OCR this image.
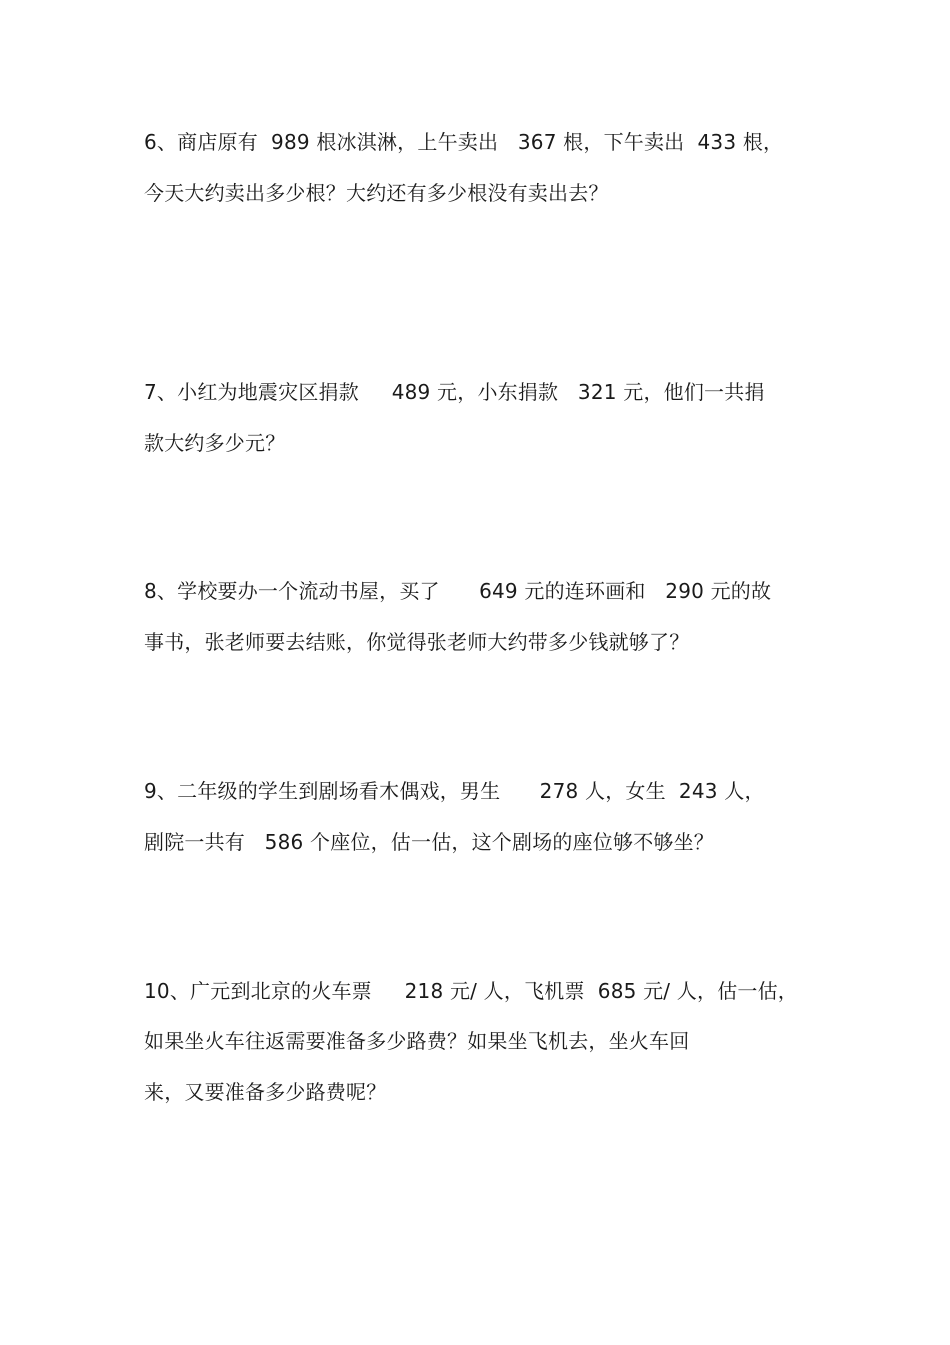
6、商店原有  989 根冰淇淋，上午卖出   367 根，下午卖出  433 根，
今天大约卖出多少根？大约还有多少根没有卖出去？
7、小红为地震灾区捐款     489 元，小东捐款   321 元，他们一共捐
款大约多少元？
8、学校要办一个流动书屋，买了      649 元的连环画和   290 元的故
事书，张老师要去结账，你觉得张老师大约带多少钱就够了？
9、二年级的学生到剧场看木偶戏，男生      278 人，女生  243 人，
剧院一共有   586 个座位，估一估，这个剧场的座位够不够坐？
10、广元到北京的火车票     218 元/ 人，飞机票  685 元/ 人，估一估，
如果坐火车往返需要准备多少路费？如果坐飞机去，坐火车回
来，又要准备多少路费呢？
